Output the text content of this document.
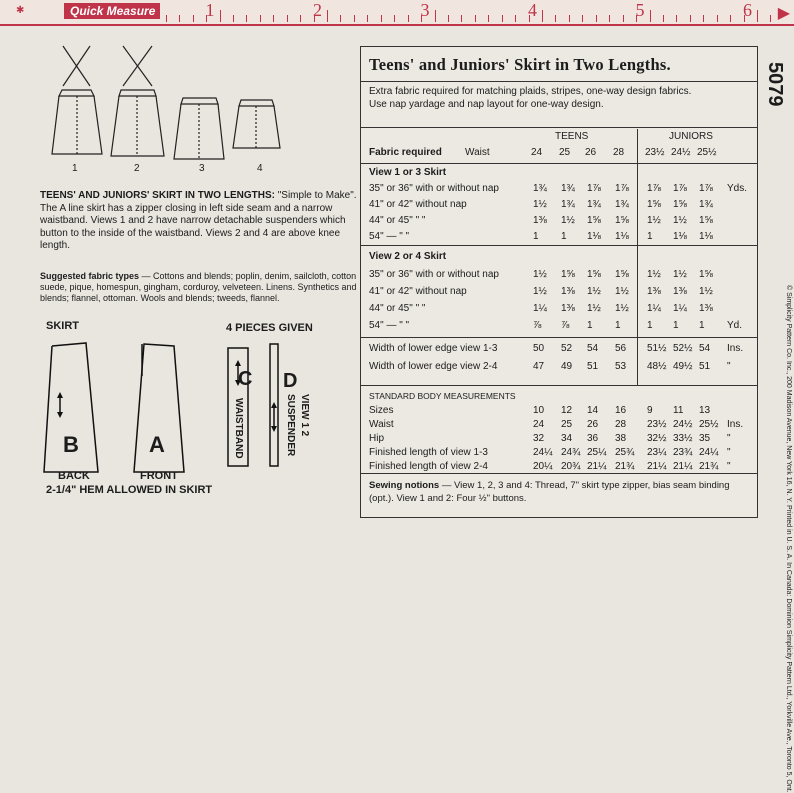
✱	Quick Measure	1	2	3	4	5	6 ▶
1	2	3	4
TEENS' AND JUNIORS' SKIRT IN TWO LENGTHS: "Simple to Make". The A line skirt has a zipper closing in left side seam and a narrow waistband. Views 1 and 2 have narrow detachable suspenders which button to the inside of the waistband. Views 2 and 4 are above knee length.
Suggested fabric types — Cottons and blends; poplin, denim, sailcloth, cotton suede, pique, homespun, gingham, corduroy, velveteen. Linens. Synthetics and blends; flannel, ottoman. Wools and blends; tweeds, flannel.
SKIRT	4 PIECES GIVEN
B	A
BACK	FRONT
2-1/4" HEM ALLOWED IN SKIRT
C D
WAISTBAND	SUSPENDER VIEW 1 2
Teens' and Juniors' Skirt in Two Lengths.
Extra fabric required for matching plaids, stripes, one-way design fabrics.
Use nap yardage and nap layout for one-way design.
TEENS	JUNIORS
Fabric required Waist	24 25 26 28 23½ 24½ 25½
View 1 or 3 Skirt
35" or 36" with or without nap	1¾ 1¾ 1⅞ 1⅞ 1⅞ 1⅞ 1⅞ Yds.
41" or 42" without nap	1½ 1¾ 1¾ 1¾ 1⅝ 1⅝ 1¾
44" or 45" " "	1⅜ 1½ 1⅝ 1⅝ 1½ 1½ 1⅝
54" — " "	1 1 1⅛ 1⅛ 1 1⅛ 1⅛
View 2 or 4 Skirt
35" or 36" with or without nap	1½ 1⅝ 1⅝ 1⅝ 1½ 1½ 1⅝
41" or 42" without nap	1½ 1⅜ 1½ 1½ 1⅜ 1⅜ 1½
44" or 45" " "	1¼ 1⅜ 1½ 1½ 1¼ 1¼ 1⅜
54" — " "	⅞ ⅞ 1 1	1 1 1 Yd.
Width of lower edge view 1-3	50 52 54 56 51½ 52½ 54 Ins.
Width of lower edge view 2-4	47 49 51 53 48½ 49½ 51 "
STANDARD BODY MEASUREMENTS
Sizes	10 12 14 16 9 11 13
Waist	24 25 26 28 23½ 24½ 25½ Ins.
Hip	32 34 36 38 32½ 33½ 35 "
Finished length of view 1-3	24¼ 24¾ 25¼ 25¾ 23¼ 23¾ 24¼ "
Finished length of view 2-4	20¼ 20¾ 21¼ 21¾ 21¼ 21¼ 21¾ "
Sewing notions — View 1, 2, 3 and 4: Thread, 7" skirt type zipper, bias seam binding (opt.). View 1 and 2: Four ½" buttons.
5079
© Simplicity Pattern Co. Inc., 200 Madison Avenue, New York 16, N. Y. Printed in U. S. A. In Canada: Dominion Simplicity Pattern Ltd., Yorkville Ave., Toronto 5, Ont.
